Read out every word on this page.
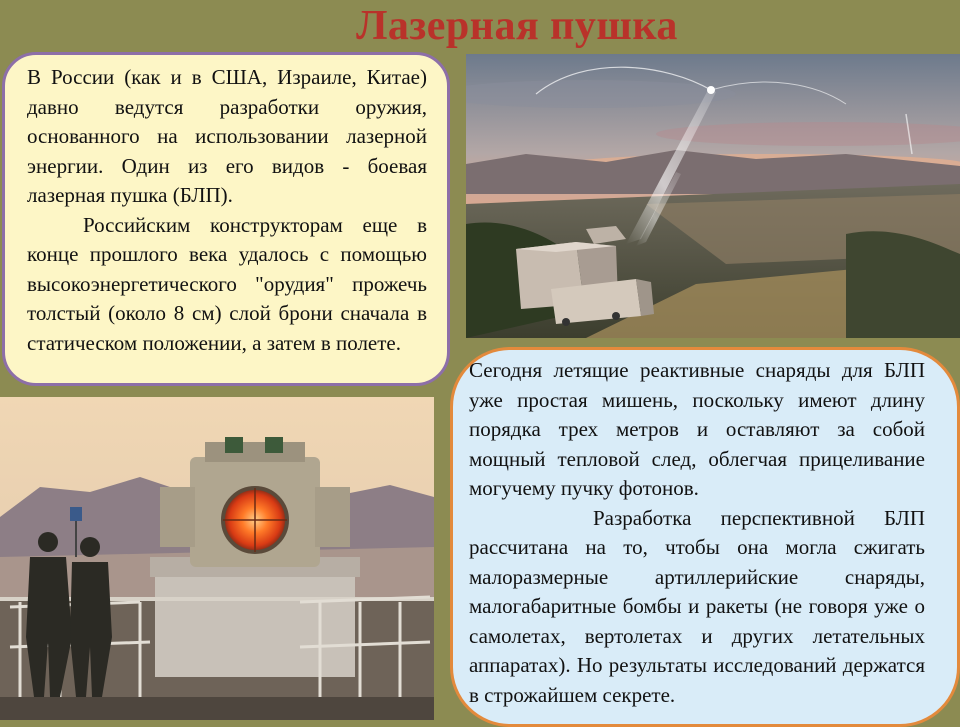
Лазерная пушка

В России (как и в США, Израиле, Китае) давно ведутся разработки оружия, основанного на использовании лазерной энергии. Один из его видов - боевая лазерная пушка (БЛП).

Российским конструкторам еще в конце прошлого века удалось с помощью высокоэнергетического "орудия" прожечь толстый (около 8 см) слой брони сначала в статическом положении, а затем в полете.

Сегодня летящие реактивные снаряды для БЛП уже простая мишень, поскольку имеют длину порядка трех метров и оставляют за собой мощный тепловой след, облегчая прицеливание могучему пучку фотонов.

Разработка перспективной БЛП рассчитана на то, чтобы она могла сжигать малоразмерные артиллерийские снаряды, малогабаритные бомбы и ракеты (не говоря уже о самолетах, вертолетах и других летательных аппаратах). Но результаты исследований держатся в строжайшем секрете.
